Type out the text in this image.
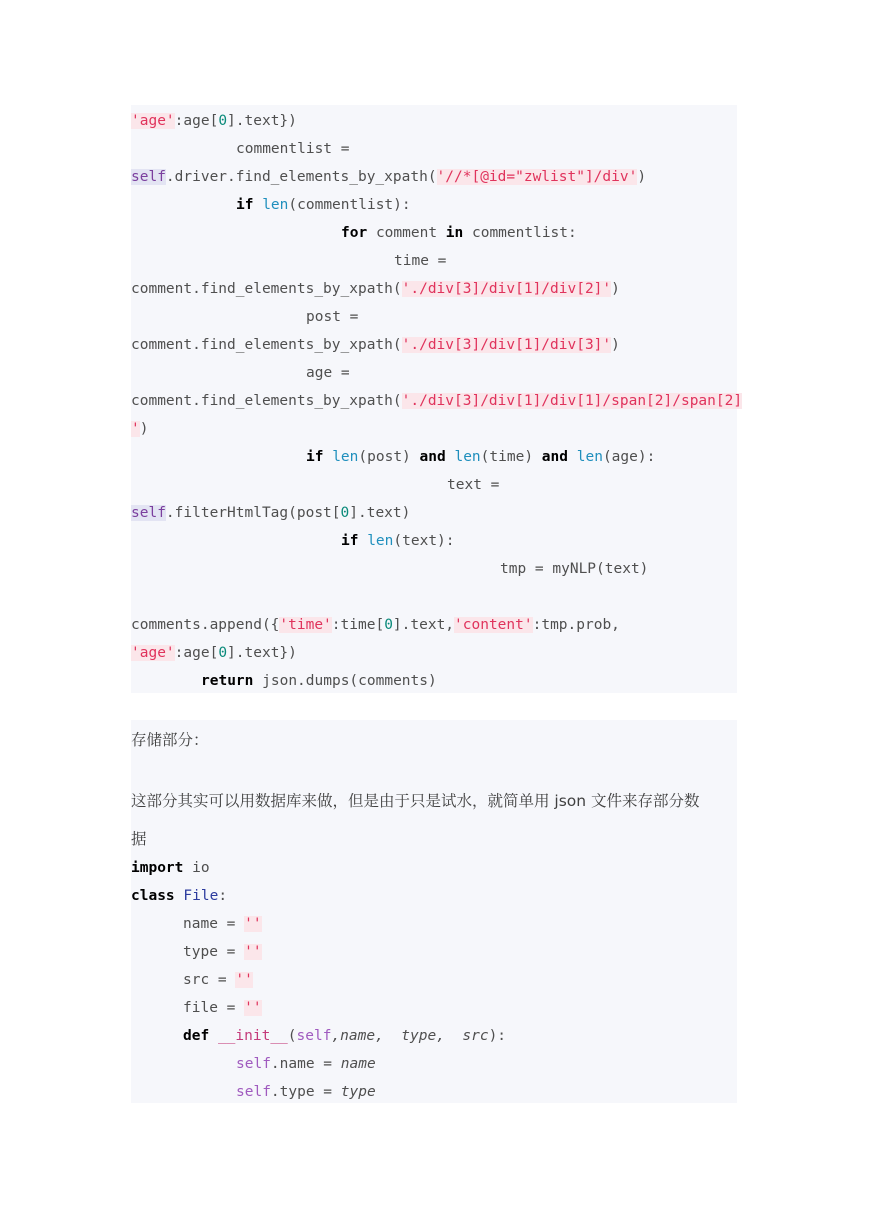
'age':age[0].text})
commentlist =
self.driver.find_elements_by_xpath('//*[@id="zwlist"]/div')
if len(commentlist):
for comment in commentlist:
time =
comment.find_elements_by_xpath('./div[3]/div[1]/div[2]')
post =
comment.find_elements_by_xpath('./div[3]/div[1]/div[3]')
age =
comment.find_elements_by_xpath('./div[3]/div[1]/div[1]/span[2]/span[2]
')
if len(post) and len(time) and len(age):
text =
self.filterHtmlTag(post[0].text)
if len(text):
tmp = myNLP(text)
comments.append({'time':time[0].text,'content':tmp.prob,
'age':age[0].text})
return json.dumps(comments)
存储部分：
这部分其实可以用数据库来做，但是由于只是试水，就简单用 json 文件来存部分数
据
import io
class File:
name = ''
type = ''
src = ''
file = ''
def __init__(self,name,  type,  src):
self.name = name
self.type = type
